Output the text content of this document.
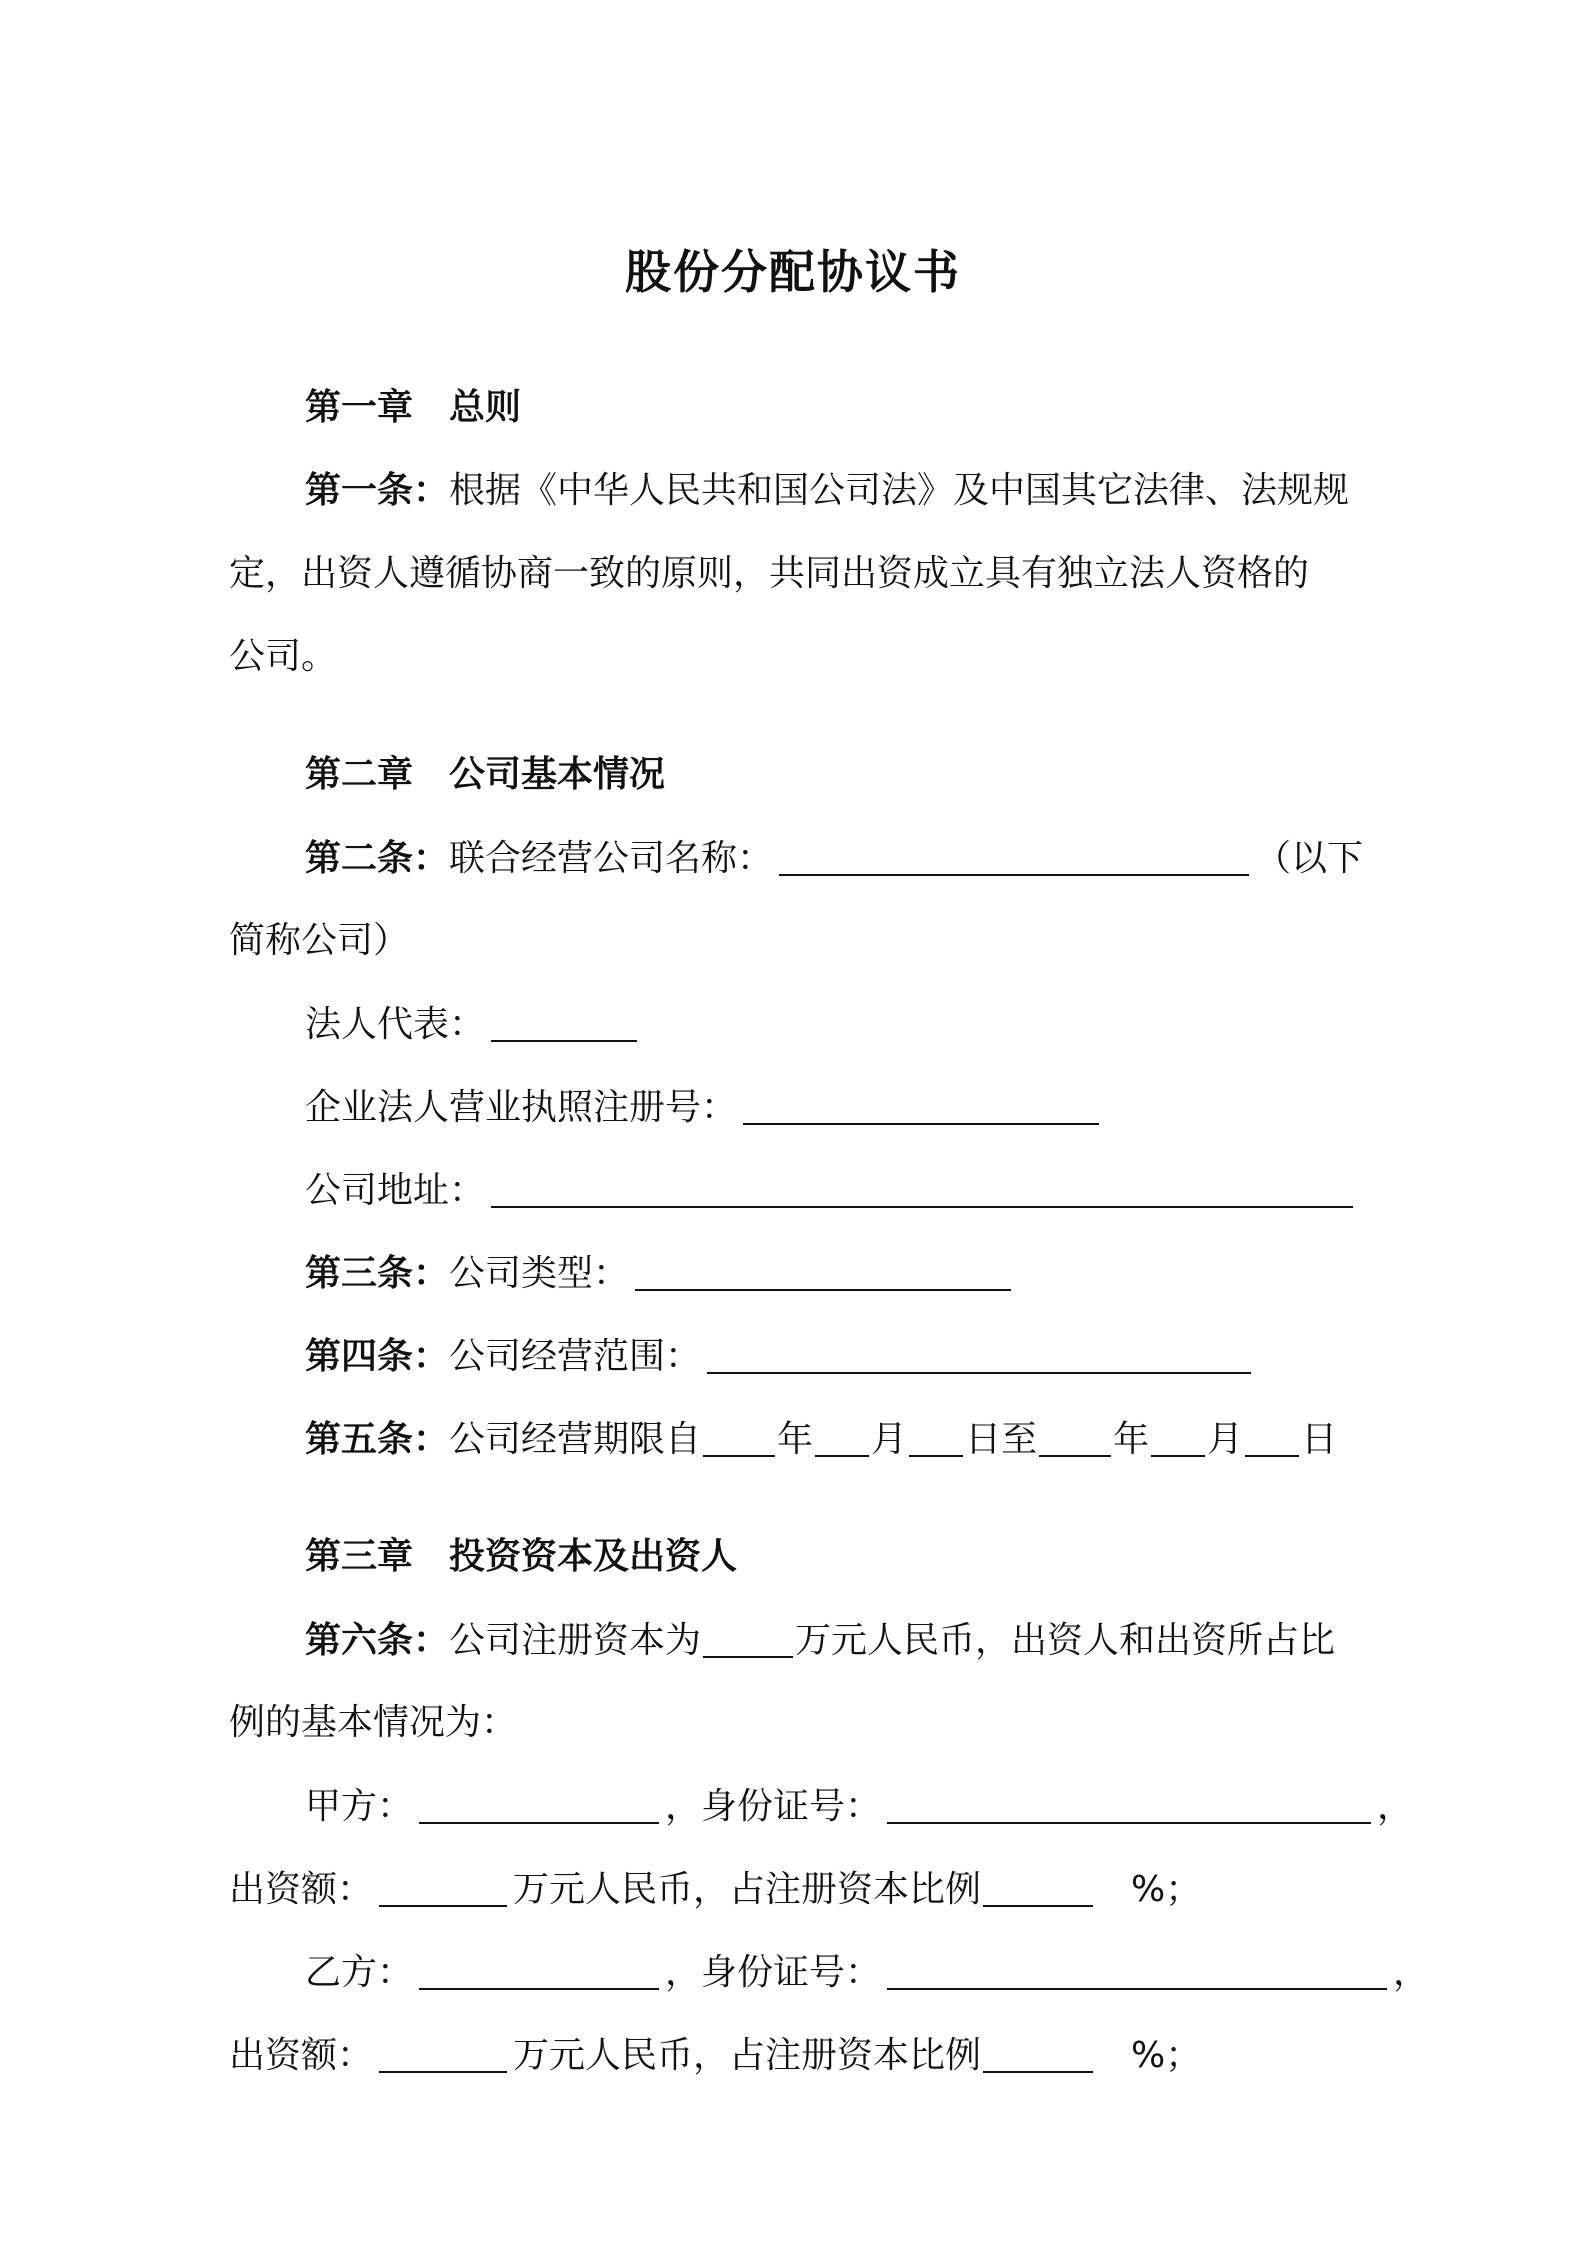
股份分配协议书
第一章　总则
第一条：根据《中华人民共和国公司法》及中国其它法律、法规规
定，出资人遵循协商一致的原则，共同出资成立具有独立法人资格的
公司。
第二章　公司基本情况
第二条：联合经营公司名称：	（以下
简称公司）
法人代表：
企业法人营业执照注册号：
公司地址：
第三条：公司类型：
第四条：公司经营范围：
第五条：公司经营期限自 年 月 日至 年 月 日
第三章　投资资本及出资人
第六条：公司注册资本为	万元人民币，出资人和出资所占比
例的基本情况为：
甲方：	，身份证号：	，
出资额：	万元人民币，占注册资本比例	%；
乙方：	，身份证号：	，
出资额：	万元人民币，占注册资本比例	%；
